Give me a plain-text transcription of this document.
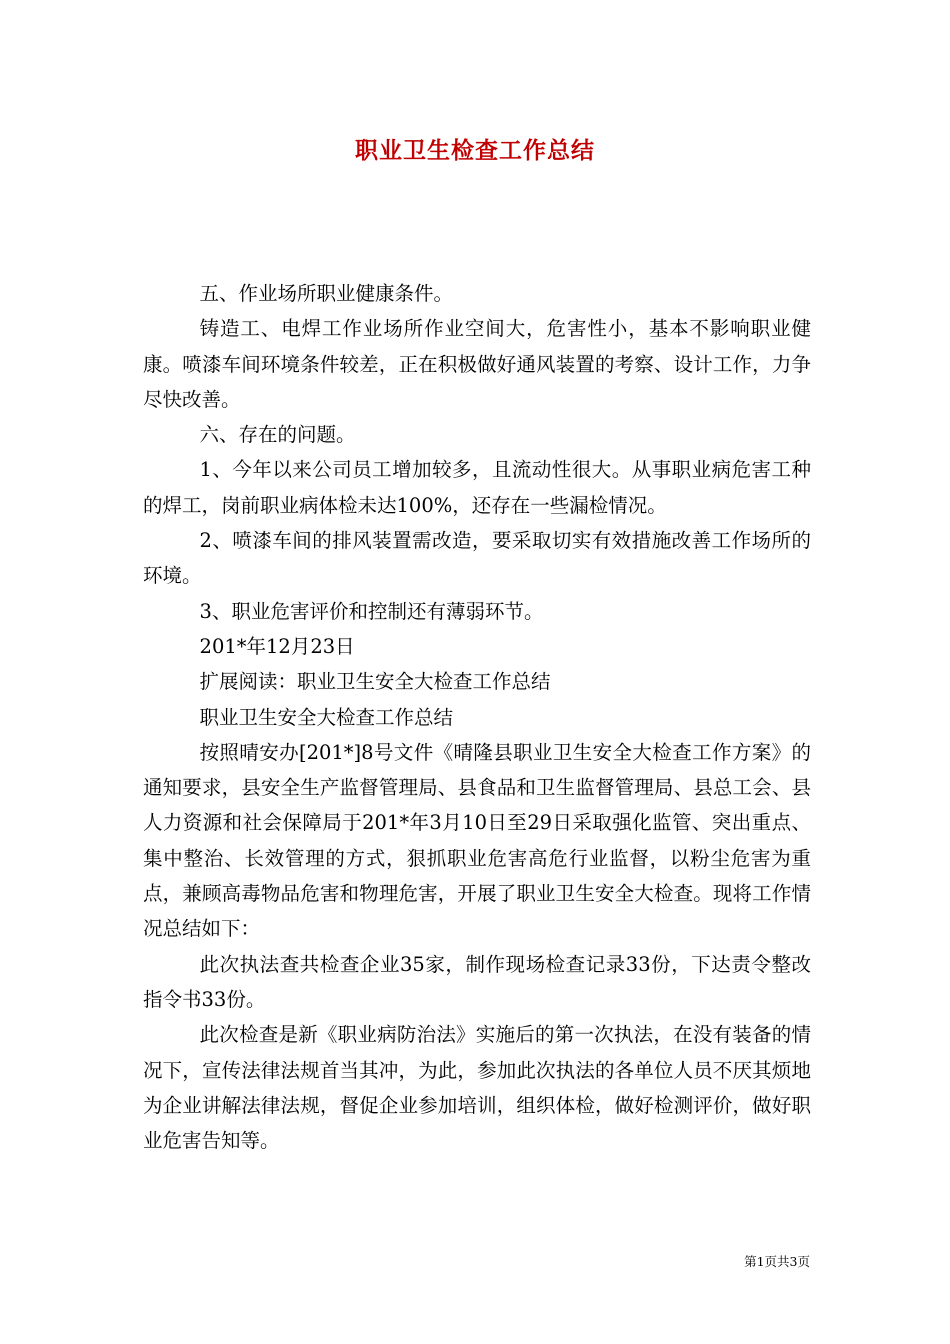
职业卫生检查工作总结

五、作业场所职业健康条件。

铸造工、电焊工作业场所作业空间大，危害性小，基本不影响职业健康。喷漆车间环境条件较差，正在积极做好通风装置的考察、设计工作，力争尽快改善。

六、存在的问题。

1、今年以来公司员工增加较多，且流动性很大。从事职业病危害工种的焊工，岗前职业病体检未达100%，还存在一些漏检情况。

2、喷漆车间的排风装置需改造，要采取切实有效措施改善工作场所的环境。

3、职业危害评价和控制还有薄弱环节。

201*年12月23日

扩展阅读：职业卫生安全大检查工作总结

职业卫生安全大检查工作总结

按照晴安办[201*]8号文件《晴隆县职业卫生安全大检查工作方案》的通知要求，县安全生产监督管理局、县食品和卫生监督管理局、县总工会、县人力资源和社会保障局于201*年3月10日至29日采取强化监管、突出重点、集中整治、长效管理的方式，狠抓职业危害高危行业监督，以粉尘危害为重点，兼顾高毒物品危害和物理危害，开展了职业卫生安全大检查。现将工作情况总结如下：

此次执法查共检查企业35家，制作现场检查记录33份，下达责令整改指令书33份。

此次检查是新《职业病防治法》实施后的第一次执法，在没有装备的情况下，宣传法律法规首当其冲，为此，参加此次执法的各单位人员不厌其烦地为企业讲解法律法规，督促企业参加培训，组织体检，做好检测评价，做好职业危害告知等。

第1页共3页
